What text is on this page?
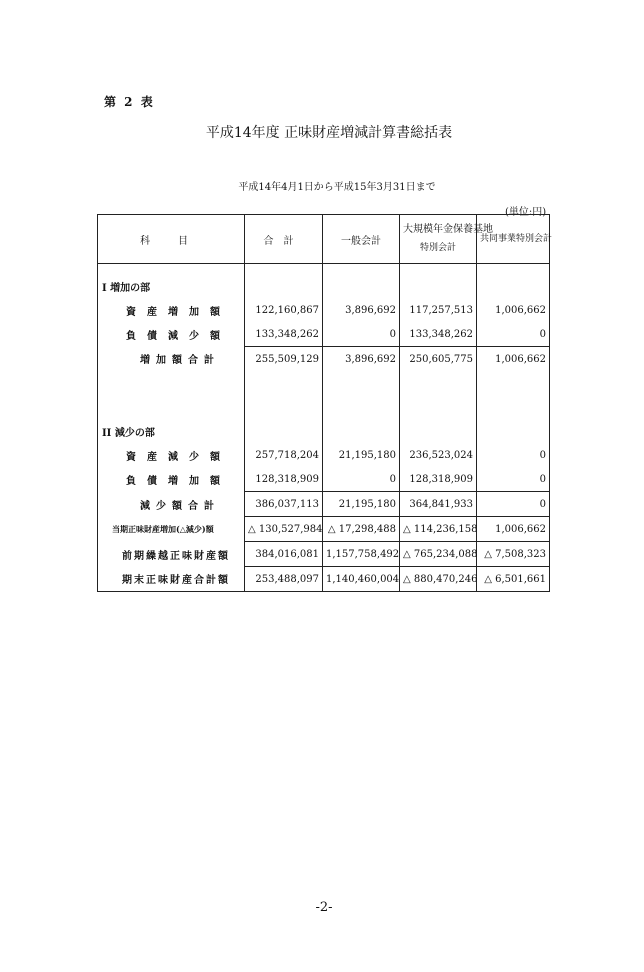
第 2 表
平成14年度 正味財産増減計算書総括表
平成14年4月1日から平成15年3月31日まで
(単位:円)
科目	合計	一般会計	大規模年金保養基地
特別会計	共同事業特別会計

I 増加の部				
資産増加額	122,160,867	3,896,692	117,257,513	1,006,662
負債減少額	133,348,262	0	133,348,262	0
増加額合計	255,509,129	3,896,692	250,605,775	1,006,662

II 減少の部				
資産減少額	257,718,204	21,195,180	236,523,024	0
負債増加額	128,318,909	0	128,318,909	0
減少額合計	386,037,113	21,195,180	364,841,933	0
当期正味財産増加(△減少)額	△ 130,527,984	△ 17,298,488	△ 114,236,158	1,006,662
前期繰越正味財産額	384,016,081	1,157,758,492	△ 765,234,088	△ 7,508,323
期末正味財産合計額	253,488,097	1,140,460,004	△ 880,470,246	△ 6,501,661
-2-
